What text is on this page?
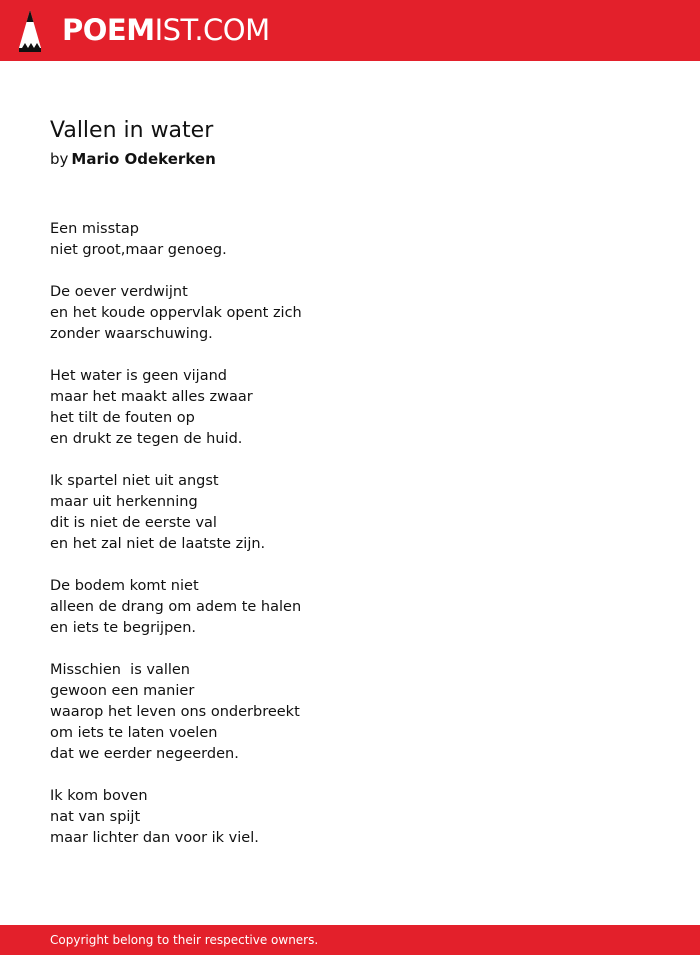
POEMIST.COM
Vallen in water
by Mario Odekerken
Een misstap
niet groot,maar genoeg.
De oever verdwijnt
en het koude oppervlak opent zich
zonder waarschuwing.
Het water is geen vijand
maar het maakt alles zwaar
het tilt de fouten op
en drukt ze tegen de huid.
Ik spartel niet uit angst
maar uit herkenning
dit is niet de eerste val
en het zal niet de laatste zijn.
De bodem komt niet
alleen de drang om adem te halen
en iets te begrijpen.
Misschien  is vallen
gewoon een manier
waarop het leven ons onderbreekt
om iets te laten voelen
dat we eerder negeerden.
Ik kom boven
nat van spijt
maar lichter dan voor ik viel.
Copyright belong to their respective owners.
